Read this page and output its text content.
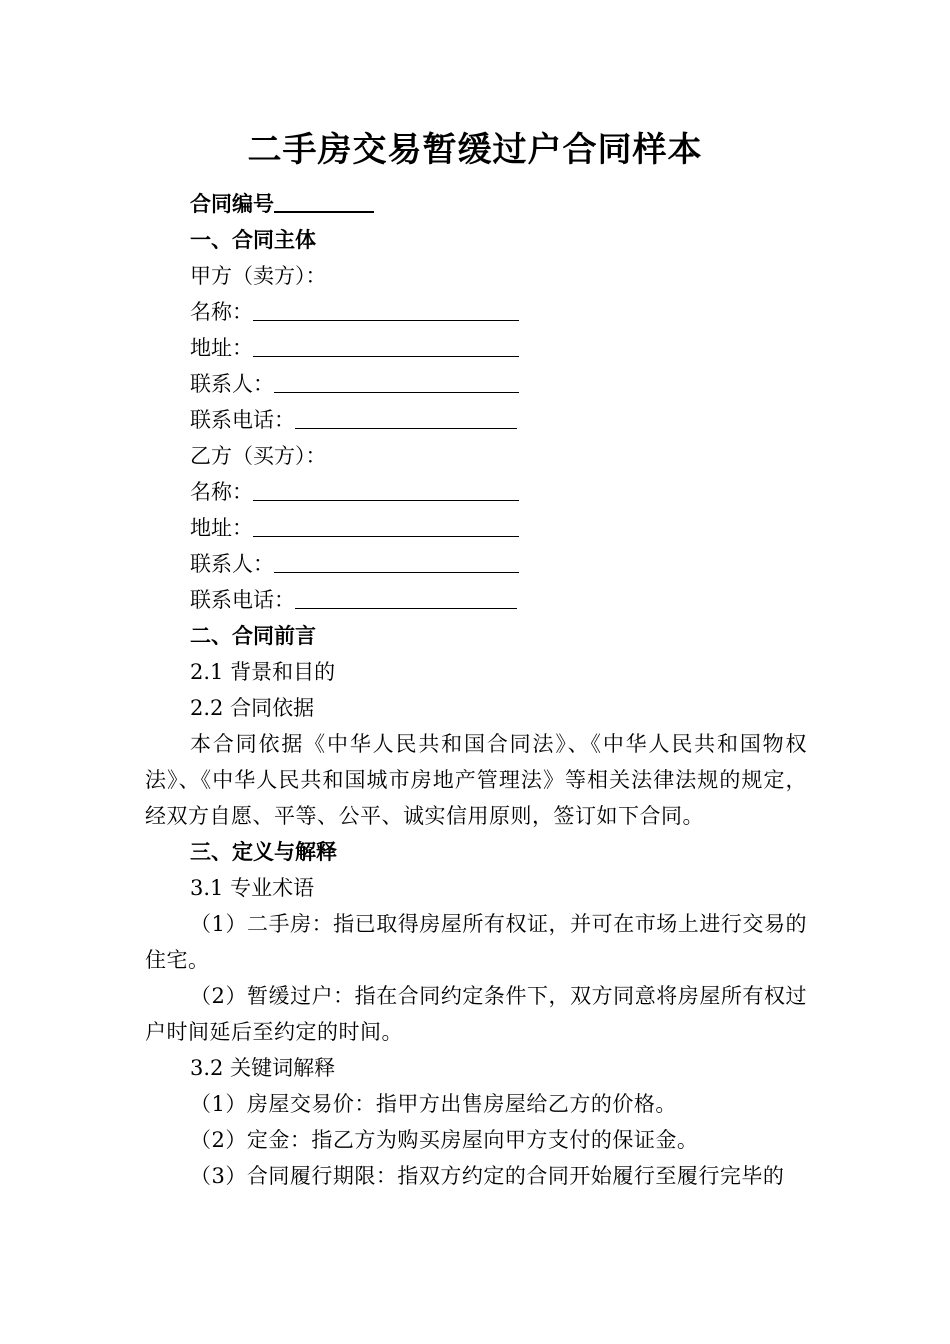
二手房交易暂缓过户合同样本
合同编号
一、合同主体
甲方（卖方）：
名称：
地址：
联系人：
联系电话：
乙方（买方）：
名称：
地址：
联系人：
联系电话：
二、合同前言
2.1 背景和目的
2.2 合同依据
本合同依据《中华人民共和国合同法》、《中华人民共和国物权法》、《中华人民共和国城市房地产管理法》等相关法律法规的规定，经双方自愿、平等、公平、诚实信用原则，签订如下合同。
三、定义与解释
3.1 专业术语
（1）二手房：指已取得房屋所有权证，并可在市场上进行交易的住宅。
（2）暂缓过户：指在合同约定条件下，双方同意将房屋所有权过户时间延后至约定的时间。
3.2 关键词解释
（1）房屋交易价：指甲方出售房屋给乙方的价格。
（2）定金：指乙方为购买房屋向甲方支付的保证金。
（3）合同履行期限：指双方约定的合同开始履行至履行完毕的
